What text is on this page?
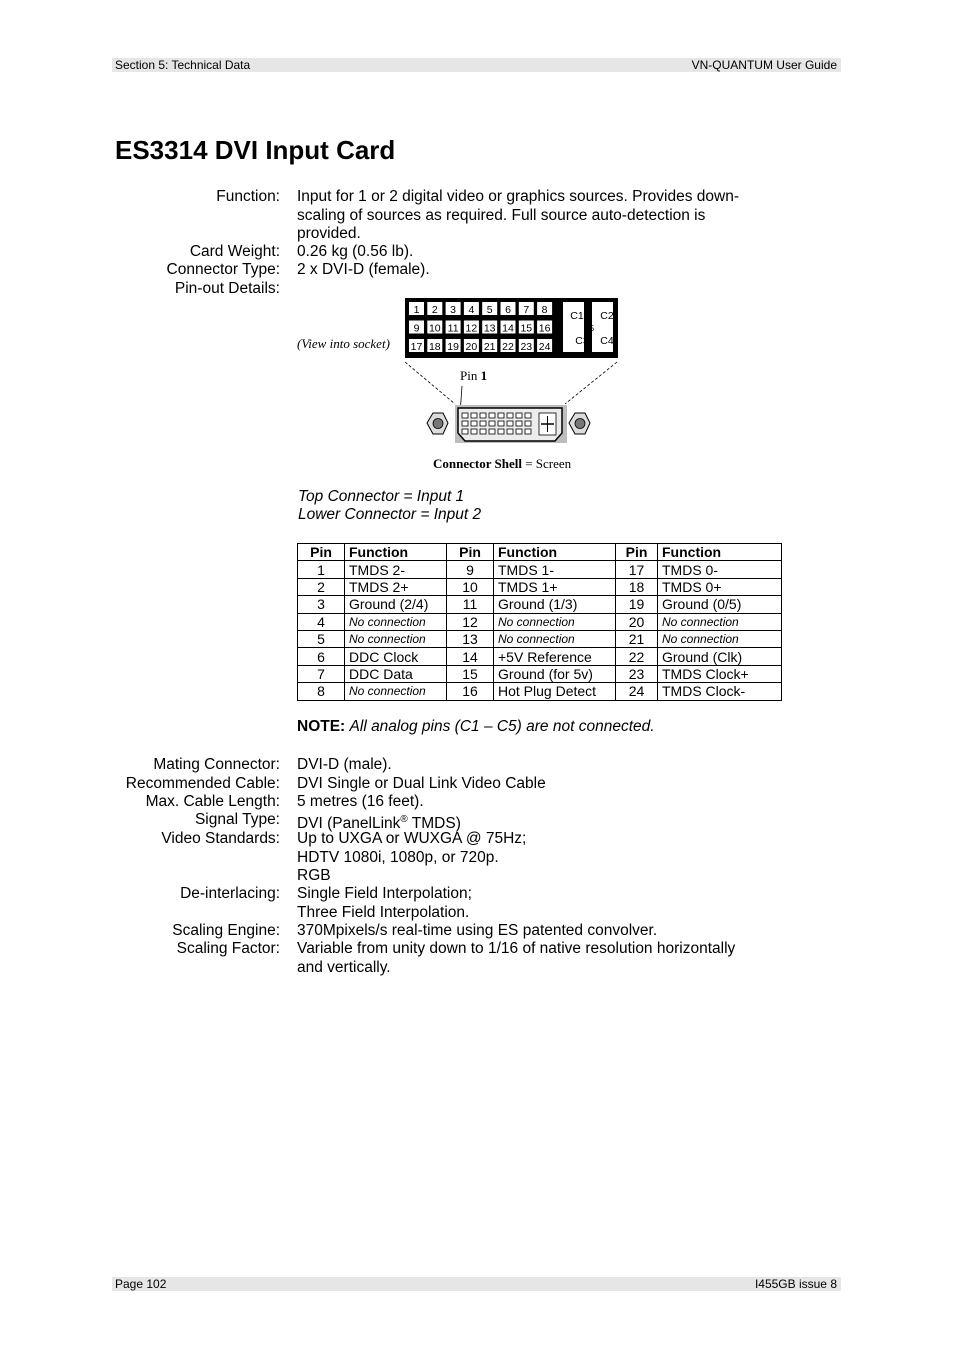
Section 5: Technical Data	VN-QUANTUM User Guide
ES3314 DVI Input Card
Function: Input for 1 or 2 digital video or graphics sources. Provides down-
scaling of sources as required. Full source auto-detection is
provided.
Card Weight: 0.26 kg (0.56 lb).
Connector Type: 2 x DVI-D (female).
Pin-out Details:
(View into socket)
1 2 3 4 5 6 7 8
9 10 11 12 13 14 15 16
17 18 19 20 21 22 23 24
C1 C2
C3 C4
C5
Pin 1
Connector Shell = Screen
Top Connector = Input 1
Lower Connector = Input 2
Pin	Function	Pin	Function	Pin	Function
1	TMDS 2-	9	TMDS 1-	17	TMDS 0-
2	TMDS 2+	10	TMDS 1+	18	TMDS 0+
3	Ground (2/4)	11	Ground (1/3)	19	Ground (0/5)
4	No connection	12	No connection	20	No connection
5	No connection	13	No connection	21	No connection
6	DDC Clock	14	+5V Reference	22	Ground (Clk)
7	DDC Data	15	Ground (for 5v)	23	TMDS Clock+
8	No connection	16	Hot Plug Detect	24	TMDS Clock-
NOTE: All analog pins (C1 – C5) are not connected.
Mating Connector: DVI-D (male).
Recommended Cable: DVI Single or Dual Link Video Cable
Max. Cable Length: 5 metres (16 feet).
Signal Type: DVI (PanelLink® TMDS)
Video Standards: Up to UXGA or WUXGA @ 75Hz;
HDTV 1080i, 1080p, or 720p.
RGB
De-interlacing: Single Field Interpolation;
Three Field Interpolation.
Scaling Engine: 370Mpixels/s real-time using ES patented convolver.
Scaling Factor: Variable from unity down to 1/16 of native resolution horizontally
and vertically.
Page 102	I455GB issue 8
